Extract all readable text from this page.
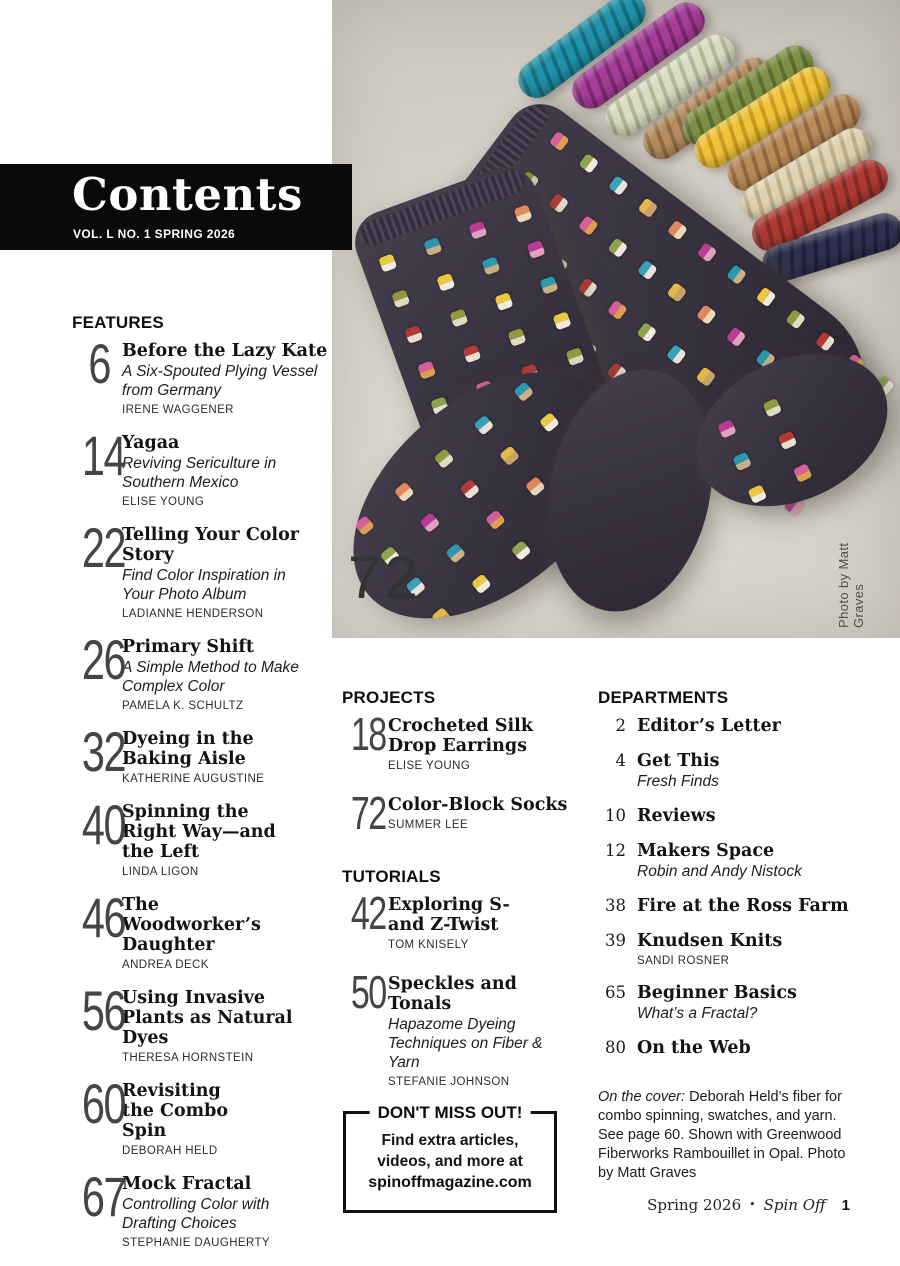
72	Photo by Matt Graves
Contents
VOL. L NO. 1 SPRING 2026
FEATURES
6 Before the Lazy Kate
A Six-Spouted Plying Vessel from Germany
IRENE WAGGENER
14
Yagaa
Reviving Sericulture in Southern Mexico
ELISE YOUNG
22
Telling Your Color Story
Find Color Inspiration in Your Photo Album
LADIANNE HENDERSON
26
Primary Shift
A Simple Method to Make Complex Color
PAMELA K. SCHULTZ
32
Dyeing in the Baking Aisle
KATHERINE AUGUSTINE
40
Spinning the Right Way—and the Left
LINDA LIGON
46
The Woodworker’s Daughter
ANDREA DECK
56
Using Invasive Plants as Natural Dyes
THERESA HORNSTEIN
60
Revisiting the Combo Spin
DEBORAH HELD
67
Mock Fractal
Controlling Color with Drafting Choices
STEPHANIE DAUGHERTY
PROJECTS
18 Crocheted Silk Drop Earrings
ELISE YOUNG
72 Color-Block Socks
SUMMER LEE
TUTORIALS
42 Exploring S- and Z-Twist
TOM KNISELY
50 Speckles and Tonals
Hapazome Dyeing Techniques on Fiber & Yarn
STEFANIE JOHNSON
DON'T MISS OUT!
Find extra articles,
videos, and more at
spinoffmagazine.com
DEPARTMENTS
2 Editor’s Letter
4 Get This
Fresh Finds
10 Reviews
12 Makers Space
Robin and Andy Nistock
38 Fire at the Ross Farm
39 Knudsen Knits
SANDI ROSNER
65 Beginner Basics
What’s a Fractal?
80 On the Web
On the cover: Deborah Held’s fiber for combo spinning, swatches, and yarn. See page 60. Shown with Greenwood Fiberworks Rambouillet in Opal. Photo by Matt Graves
Spring 2026 • Spin Off 1
